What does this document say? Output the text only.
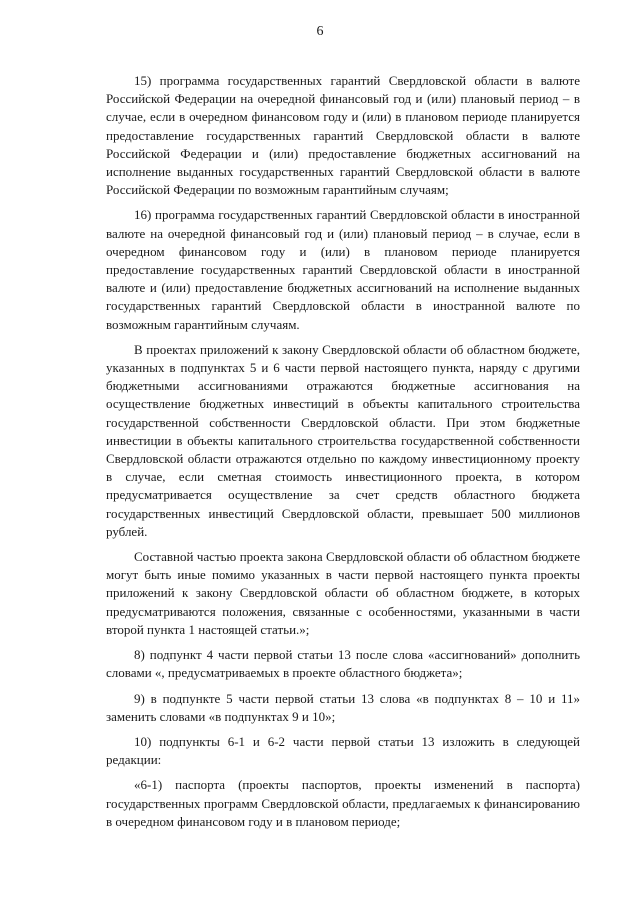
6

15) программа государственных гарантий Свердловской области в валюте Российской Федерации на очередной финансовый год и (или) плановый период – в случае, если в очередном финансовом году и (или) в плановом периоде планируется предоставление государственных гарантий Свердловской области в валюте Российской Федерации и (или) предоставление бюджетных ассигнований на исполнение выданных государственных гарантий Свердловской области в валюте Российской Федерации по возможным гарантийным случаям;

16) программа государственных гарантий Свердловской области в иностранной валюте на очередной финансовый год и (или) плановый период – в случае, если в очередном финансовом году и (или) в плановом периоде планируется предоставление государственных гарантий Свердловской области в иностранной валюте и (или) предоставление бюджетных ассигнований на исполнение выданных государственных гарантий Свердловской области в иностранной валюте по возможным гарантийным случаям.

В проектах приложений к закону Свердловской области об областном бюджете, указанных в подпунктах 5 и 6 части первой настоящего пункта, наряду с другими бюджетными ассигнованиями отражаются бюджетные ассигнования на осуществление бюджетных инвестиций в объекты капитального строительства государственной собственности Свердловской области. При этом бюджетные инвестиции в объекты капитального строительства государственной собственности Свердловской области отражаются отдельно по каждому инвестиционному проекту в случае, если сметная стоимость инвестиционного проекта, в котором предусматривается осуществление за счет средств областного бюджета государственных инвестиций Свердловской области, превышает 500 миллионов рублей.

Составной частью проекта закона Свердловской области об областном бюджете могут быть иные помимо указанных в части первой настоящего пункта проекты приложений к закону Свердловской области об областном бюджете, в которых предусматриваются положения, связанные с особенностями, указанными в части второй пункта 1 настоящей статьи.»;

8) подпункт 4 части первой статьи 13 после слова «ассигнований» дополнить словами «, предусматриваемых в проекте областного бюджета»;

9) в подпункте 5 части первой статьи 13 слова «в подпунктах 8 – 10 и 11» заменить словами «в подпунктах 9 и 10»;

10) подпункты 6-1 и 6-2 части первой статьи 13 изложить в следующей редакции:

«6-1) паспорта (проекты паспортов, проекты изменений в паспорта) государственных программ Свердловской области, предлагаемых к финансированию в очередном финансовом году и в плановом периоде;
